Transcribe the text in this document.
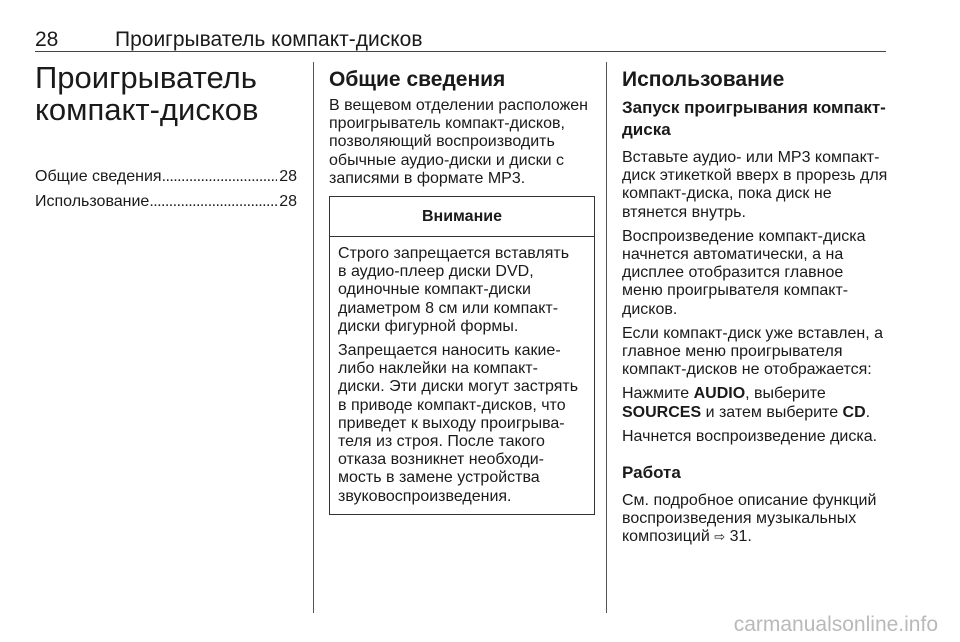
28	Проигрыватель компакт-дисков
Проигрыватель
компакт-дисков
Общие сведения . . .	28
Использование . . .	28
Общие сведения
В вещевом отделении расположен
проигрыватель компакт-дисков,
позволяющий воспроизводить
обычные аудио-диски и диски с
записями в формате MP3.
Внимание
Строго запрещается вставлять
в аудио-плеер диски DVD,
одиночные компакт-диски
диаметром 8 см или компакт-
диски фигурной формы.
Запрещается наносить какие-
либо наклейки на компакт-
диски. Эти диски могут застрять
в приводе компакт-дисков, что
приведет к выходу проигрыва-
теля из строя. После такого
отказа возникнет необходи-
мость в замене устройства
звуковоспроизведения.
Использование
Запуск проигрывания компакт-
диска
Вставьте аудио- или MP3 компакт-
диск этикеткой вверх в прорезь для
компакт-диска, пока диск не
втянется внутрь.
Воспроизведение компакт-диска
начнется автоматически, а на
дисплее отобразится главное
меню проигрывателя компакт-
дисков.
Если компакт-диск уже вставлен, а
главное меню проигрывателя
компакт-дисков не отображается:
Нажмите AUDIO, выберите
SOURCES и затем выберите CD.
Начнется воспроизведение диска.
Работа
См. подробное описание функций
воспроизведения музыкальных
композиций ⇨ 31.
carmanualsonline.info
